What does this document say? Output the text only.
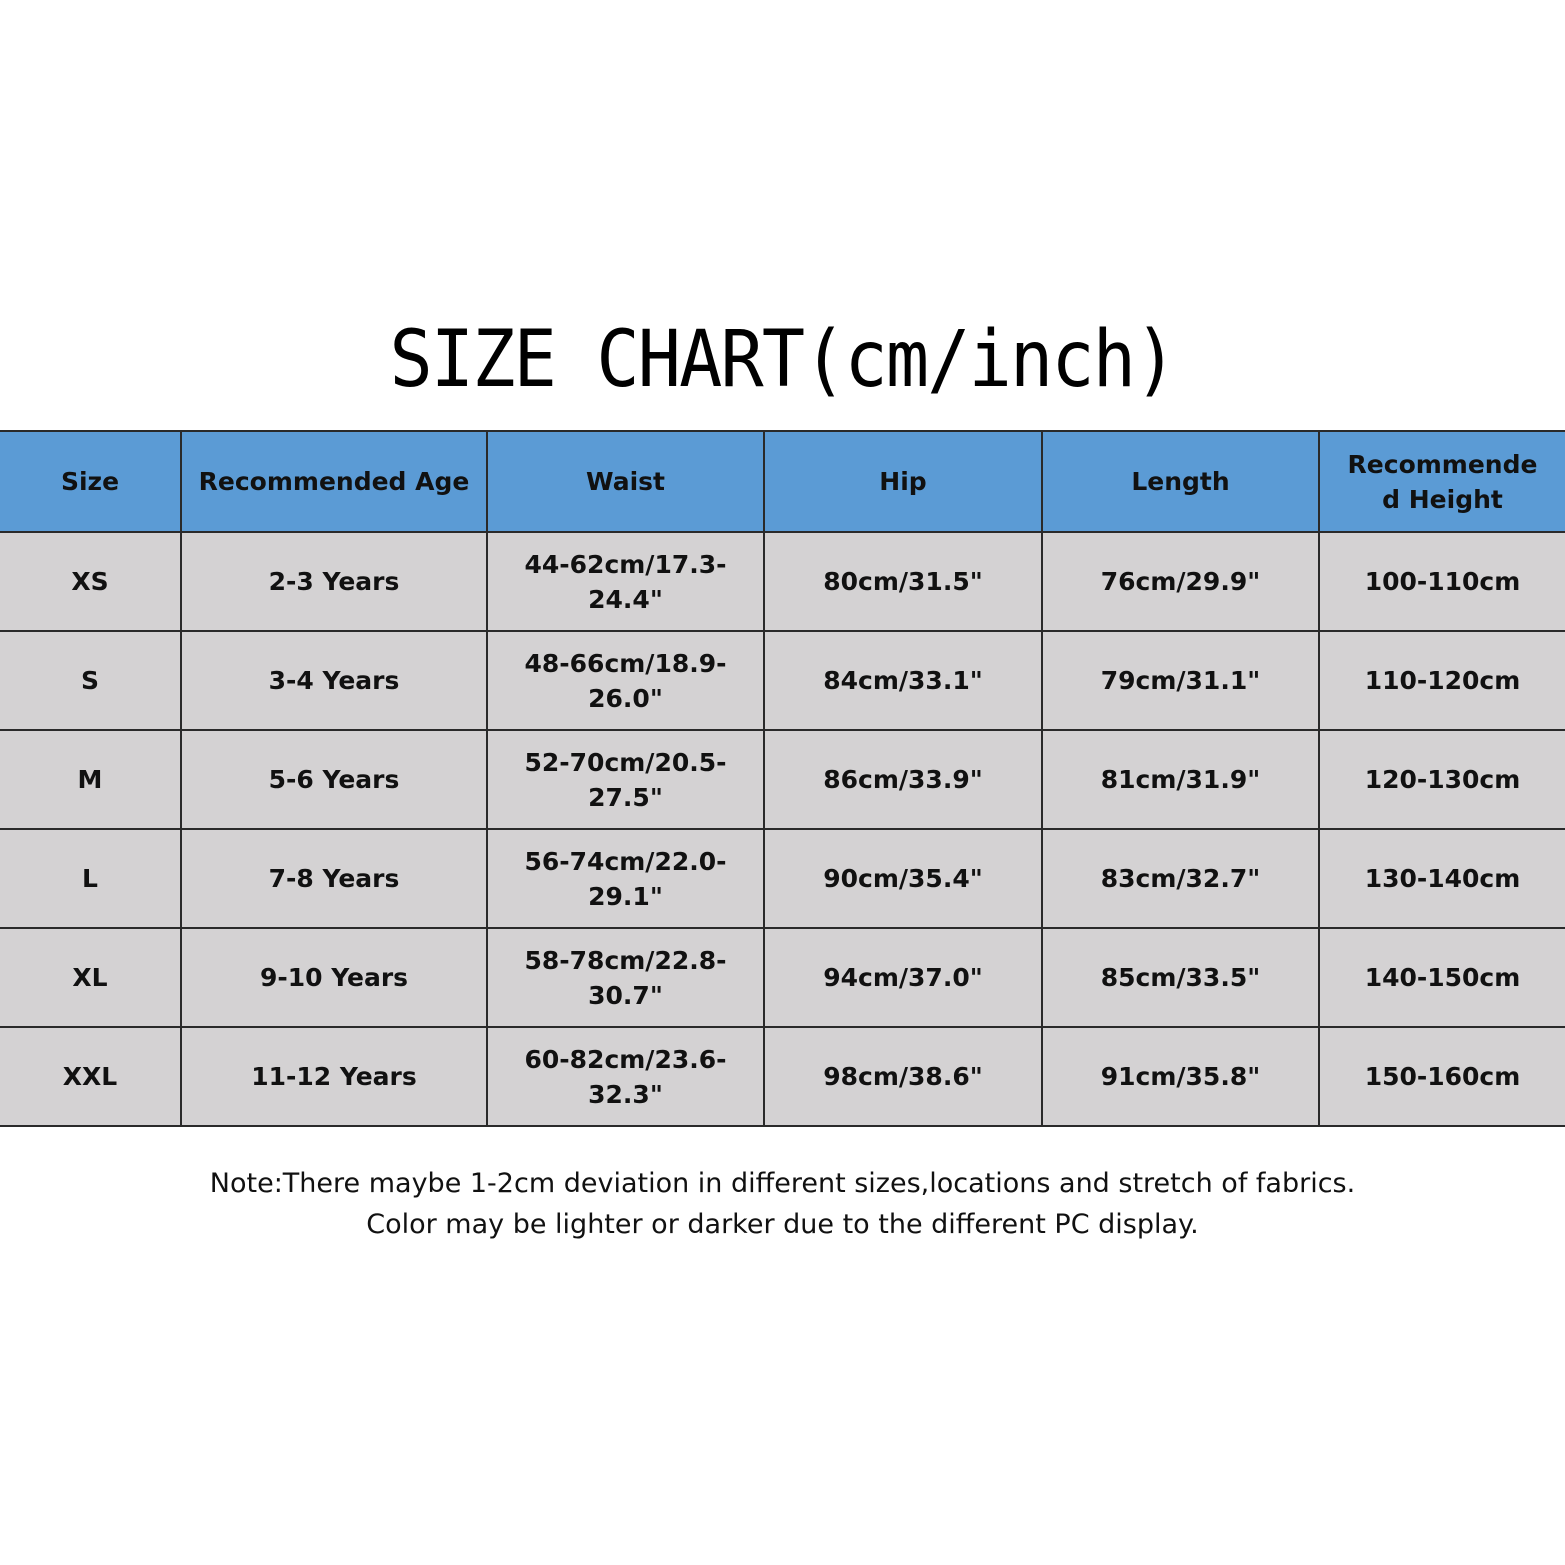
SIZE CHART(cm/inch)
Size	Recommended Age	Waist	Hip	Length	Recommended Height
XS	2-3 Years	44-62cm/17.3-24.4"	80cm/31.5"	76cm/29.9"	100-110cm
S	3-4 Years	48-66cm/18.9-26.0"	84cm/33.1"	79cm/31.1"	110-120cm
M	5-6 Years	52-70cm/20.5-27.5"	86cm/33.9"	81cm/31.9"	120-130cm
L	7-8 Years	56-74cm/22.0-29.1"	90cm/35.4"	83cm/32.7"	130-140cm
XL	9-10 Years	58-78cm/22.8-30.7"	94cm/37.0"	85cm/33.5"	140-150cm
XXL	11-12 Years	60-82cm/23.6-32.3"	98cm/38.6"	91cm/35.8"	150-160cm
Note:There maybe 1-2cm deviation in different sizes,locations and stretch of fabrics.
Color may be lighter or darker due to the different PC display.
